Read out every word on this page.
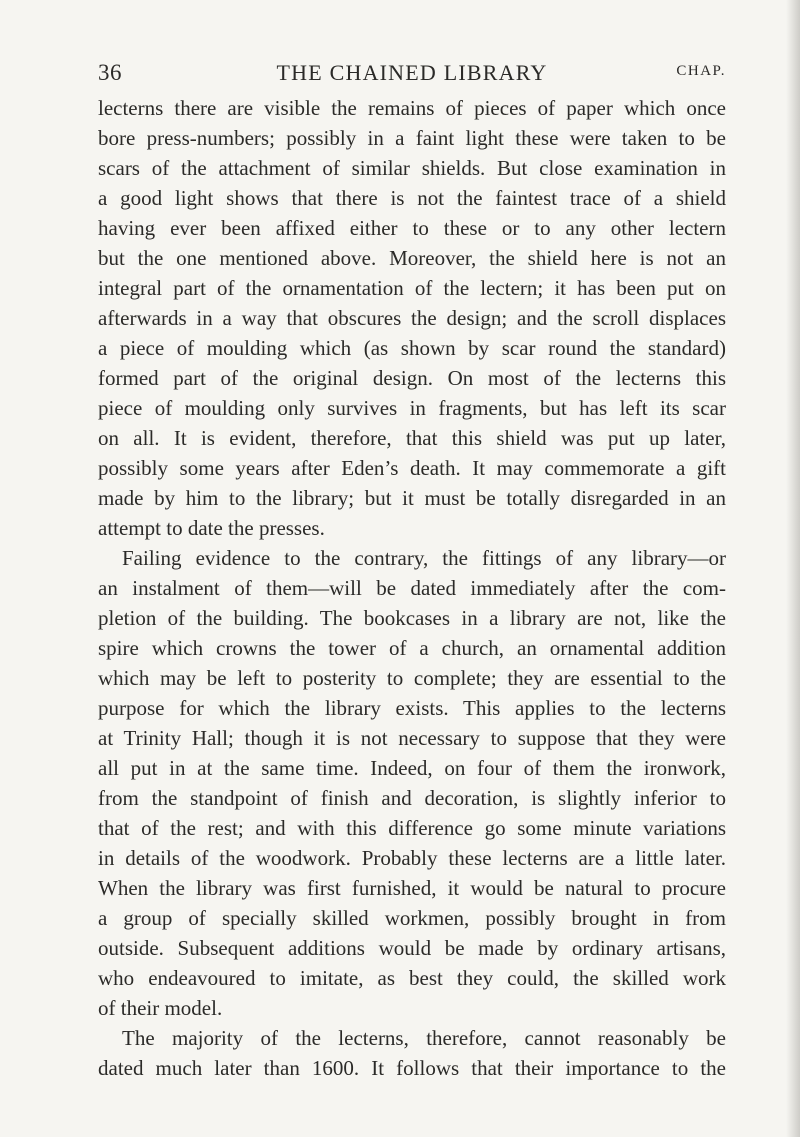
36	THE CHAINED LIBRARY	CHAP.
lecterns there are visible the remains of pieces of paper which once
bore press-numbers; possibly in a faint light these were taken to be
scars of the attachment of similar shields. But close examination in
a good light shows that there is not the faintest trace of a shield
having ever been affixed either to these or to any other lectern
but the one mentioned above. Moreover, the shield here is not an
integral part of the ornamentation of the lectern; it has been put on
afterwards in a way that obscures the design; and the scroll displaces
a piece of moulding which (as shown by scar round the standard)
formed part of the original design. On most of the lecterns this
piece of moulding only survives in fragments, but has left its scar
on all. It is evident, therefore, that this shield was put up later,
possibly some years after Eden’s death. It may commemorate a gift
made by him to the library; but it must be totally disregarded in an
attempt to date the presses.
Failing evidence to the contrary, the fittings of any library—or
an instalment of them—will be dated immediately after the com-
pletion of the building. The bookcases in a library are not, like the
spire which crowns the tower of a church, an ornamental addition
which may be left to posterity to complete; they are essential to the
purpose for which the library exists. This applies to the lecterns
at Trinity Hall; though it is not necessary to suppose that they were
all put in at the same time. Indeed, on four of them the ironwork,
from the standpoint of finish and decoration, is slightly inferior to
that of the rest; and with this difference go some minute variations
in details of the woodwork. Probably these lecterns are a little later.
When the library was first furnished, it would be natural to procure
a group of specially skilled workmen, possibly brought in from
outside. Subsequent additions would be made by ordinary artisans,
who endeavoured to imitate, as best they could, the skilled work
of their model.
The majority of the lecterns, therefore, cannot reasonably be
dated much later than 1600. It follows that their importance to the
